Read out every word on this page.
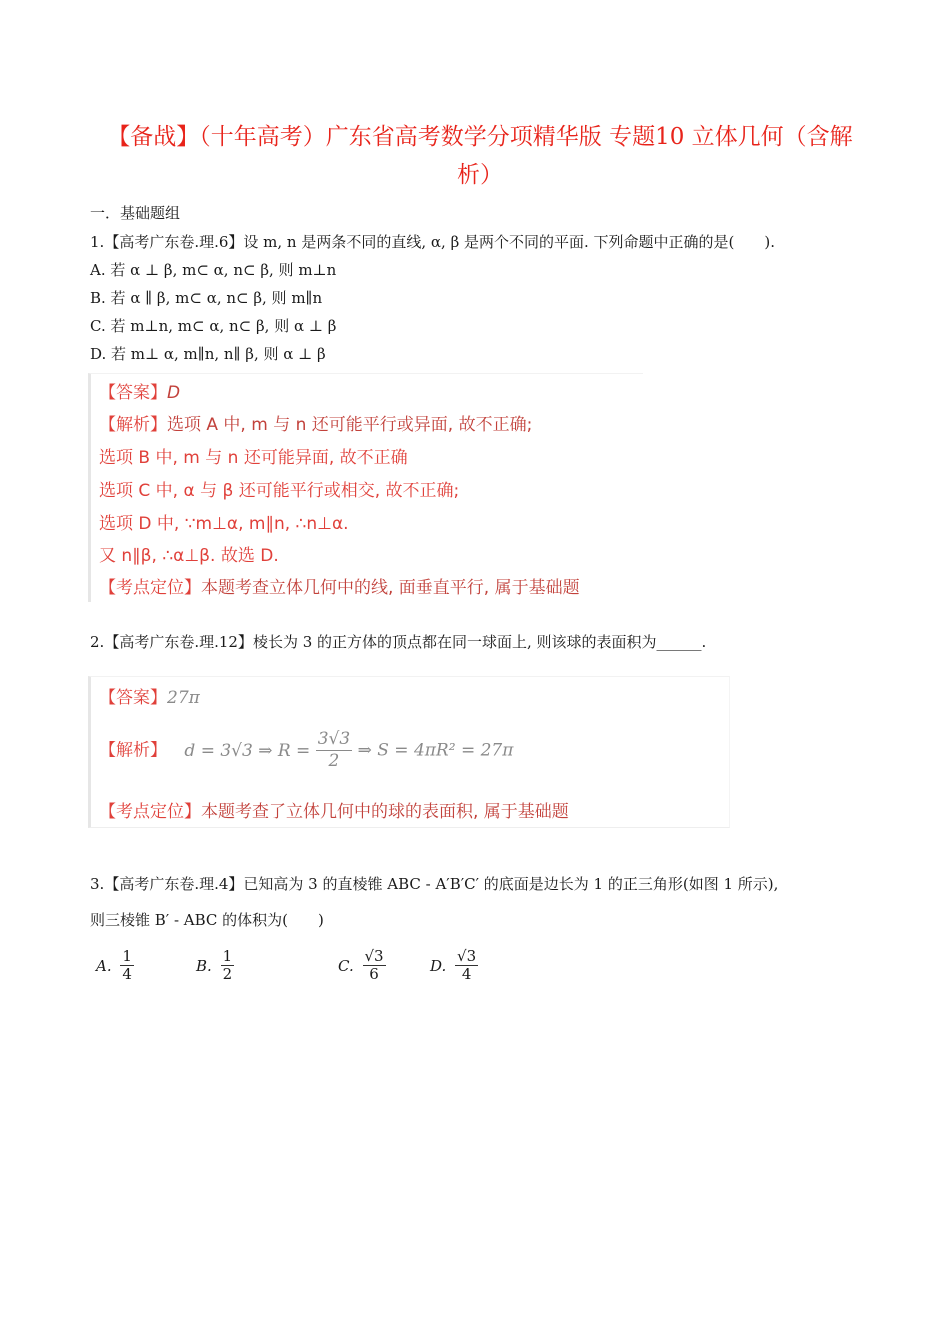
【备战】（十年高考）广东省高考数学分项精华版 专题10 立体几何（含解析）
一．基础题组
1.【高考广东卷.理.6】设 m, n 是两条不同的直线, α, β 是两个不同的平面. 下列命题中正确的是(　　).
A. 若 α ⊥ β, m⊂ α, n⊂ β, 则 m⊥n
B. 若 α ∥ β, m⊂ α, n⊂ β, 则 m∥n
C. 若 m⊥n, m⊂ α, n⊂ β, 则 α ⊥ β
D. 若 m⊥ α, m∥n, n∥ β, 则 α ⊥ β
【答案】D
【解析】选项 A 中, m 与 n 还可能平行或异面, 故不正确;
选项 B 中, m 与 n 还可能异面, 故不正确
选项 C 中, α 与 β 还可能平行或相交, 故不正确;
选项 D 中, ∵m⊥α, m∥n, ∴n⊥α.
又 n∥β, ∴α⊥β. 故选 D.
【考点定位】本题考查立体几何中的线, 面垂直平行, 属于基础题
2.【高考广东卷.理.12】棱长为 3 的正方体的顶点都在同一球面上, 则该球的表面积为______.
【答案】27π
【解析】 d = 3√3 ⇒ $R = \frac{3√3}{2}$ ⇒ S = 4πR² = 27π
【考点定位】本题考查了立体几何中的球的表面积, 属于基础题
3.【高考广东卷.理.4】已知高为 3 的直棱锥 ABC - A′B′C′ 的底面是边长为 1 的正三角形(如图 1 所示),
则三棱锥 B′ - ABC 的体积为(　　)
A. $\frac{1}{4}$	B. $\frac{1}{2}$	C. $\frac{√3}{6}$	D. $\frac{√3}{4}$
